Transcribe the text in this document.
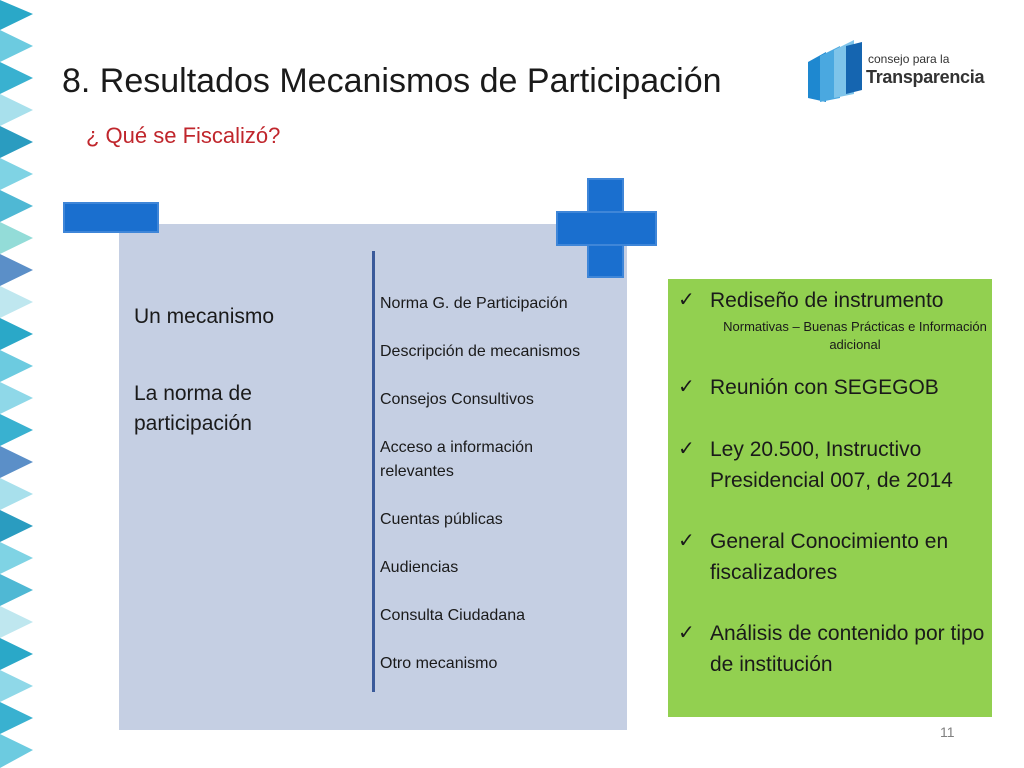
8. Resultados Mecanismos de Participación
¿ Qué se Fiscalizó?
consejo para la
Transparencia
Un mecanismo
La norma de participación
Norma G. de Participación
Descripción de mecanismos
Consejos Consultivos
Acceso a información relevantes
Cuentas públicas
Audiencias
Consulta Ciudadana
Otro mecanismo
✓ Rediseño de instrumento
Normativas – Buenas Prácticas e Información adicional
✓ Reunión con SEGEGOB
✓ Ley 20.500, Instructivo Presidencial 007, de 2014
✓ General Conocimiento en fiscalizadores
✓ Análisis de contenido por tipo de institución
11
